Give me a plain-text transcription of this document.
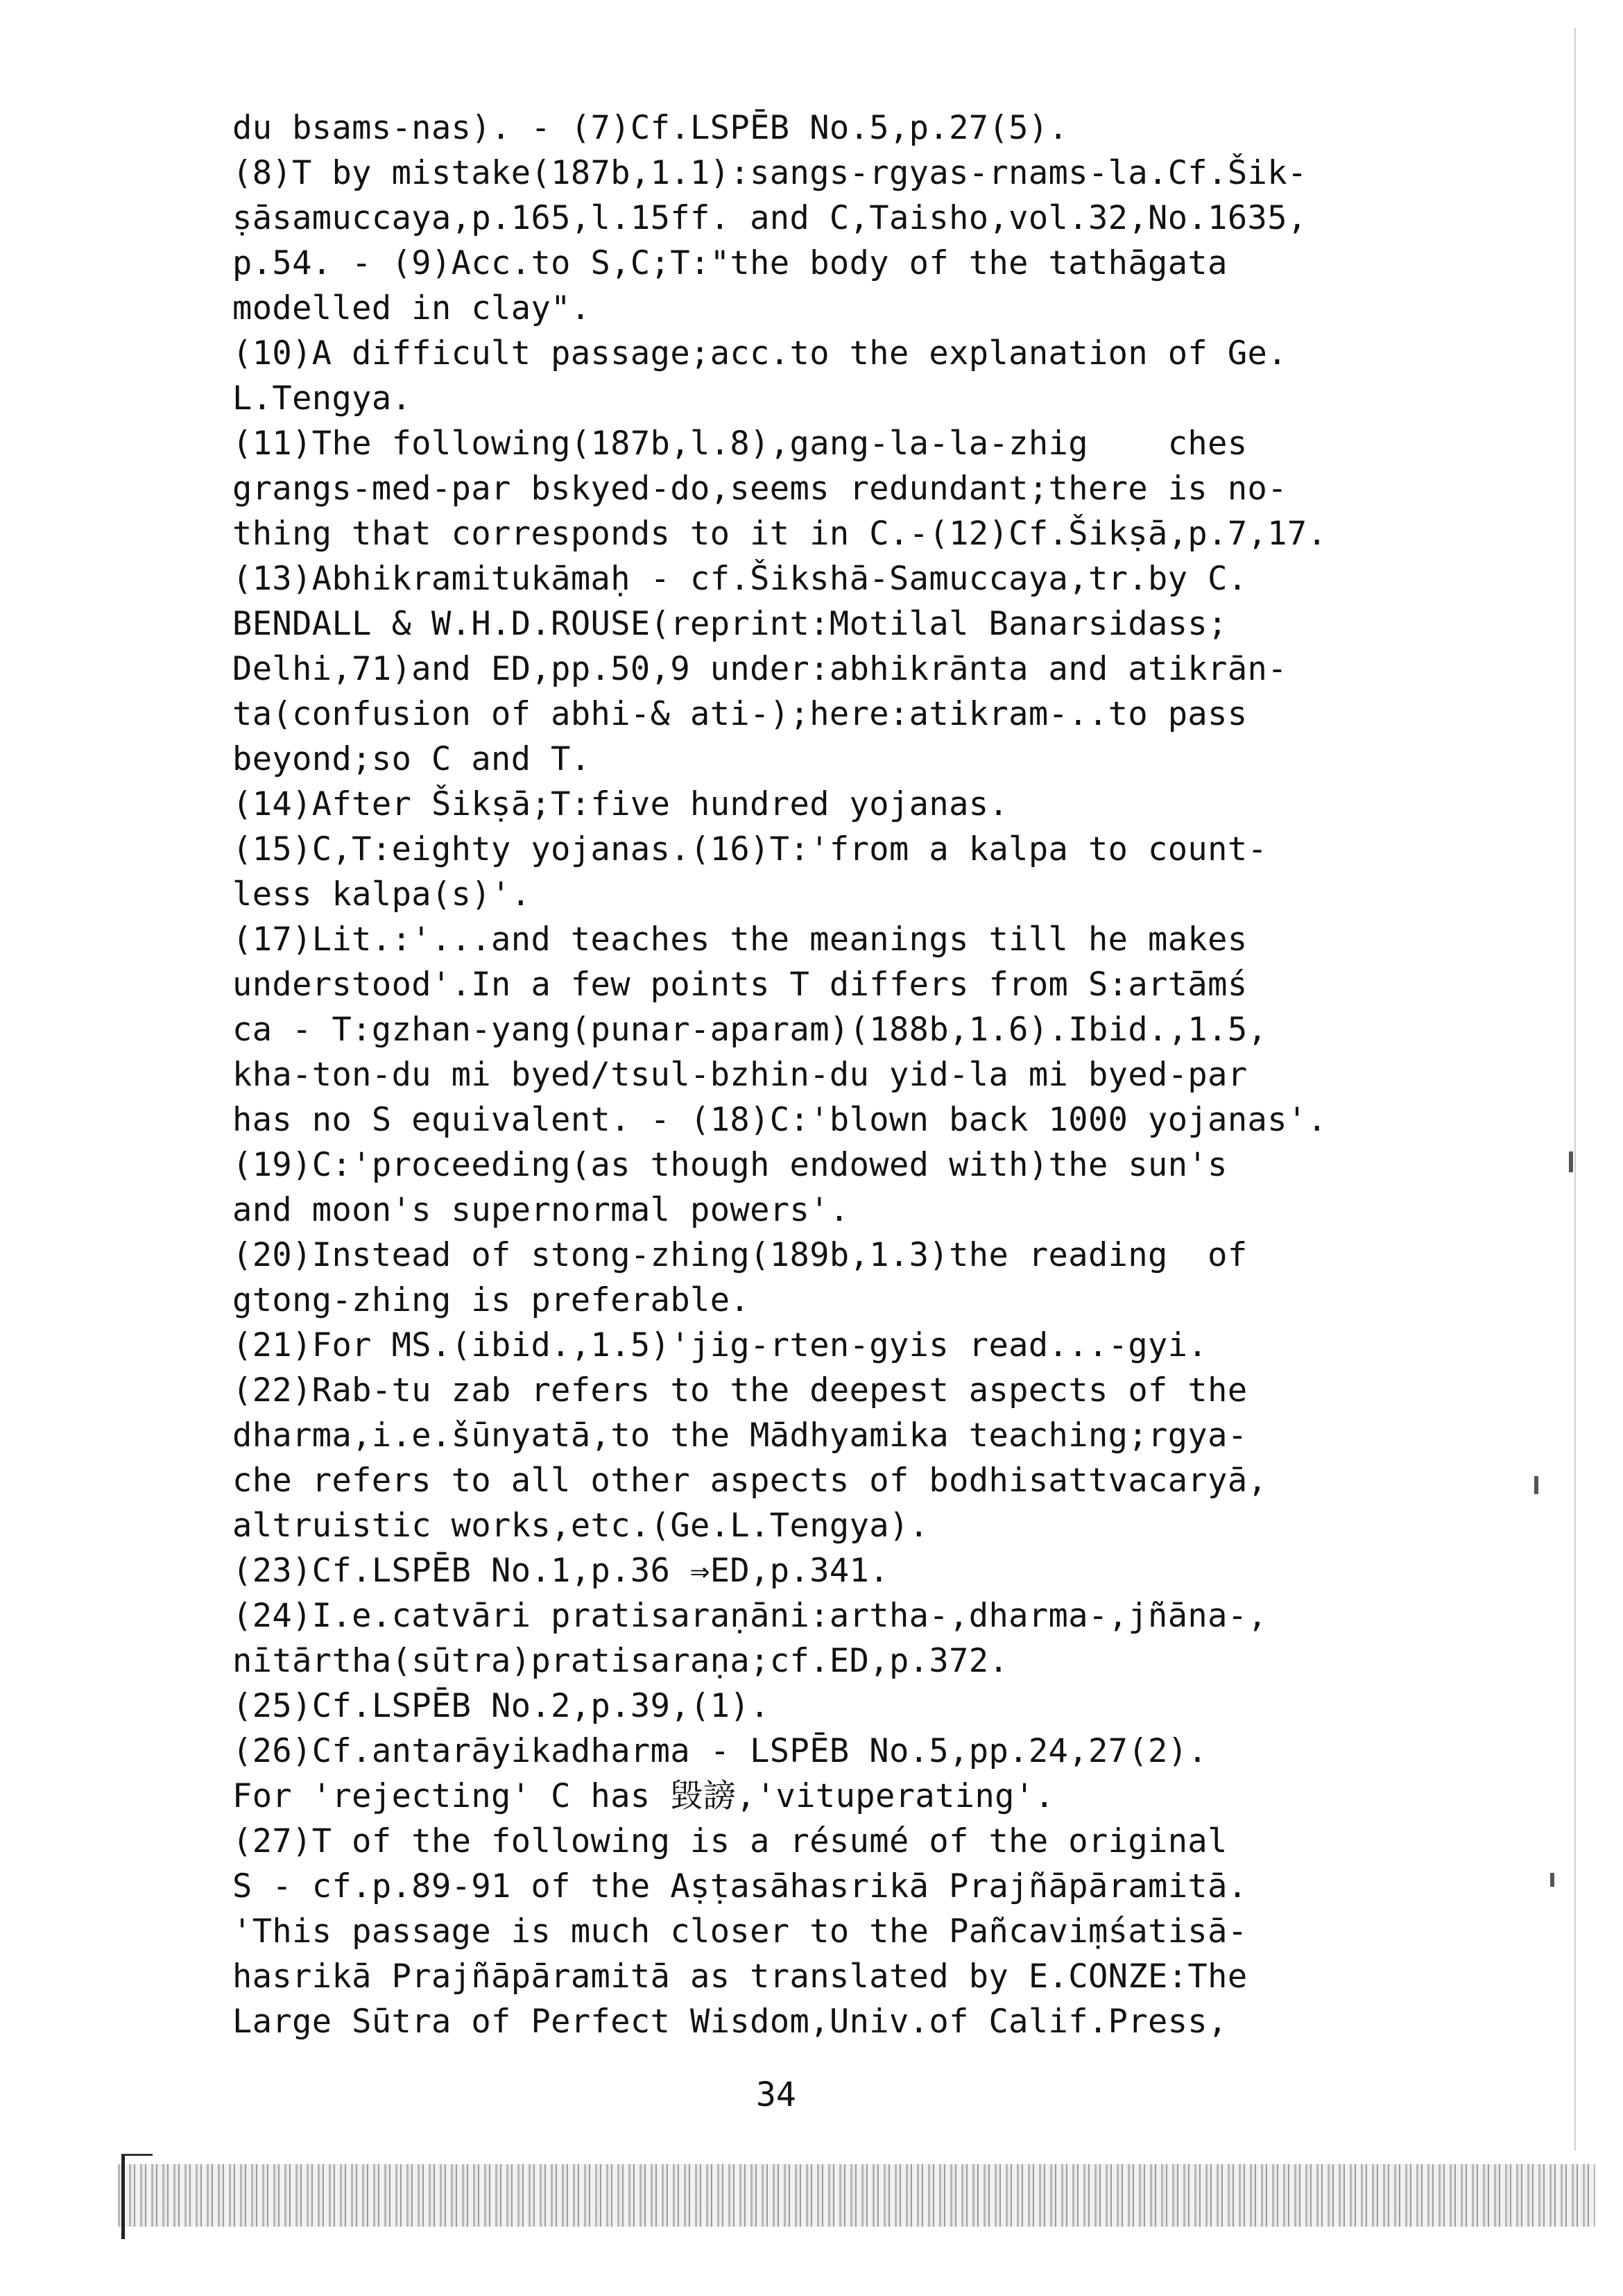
du bsams-nas). - (7)Cf.LSPĒB No.5,p.27(5).
(8)T by mistake(187b,1.1):sangs-rgyas-rnams-la.Cf.Šik-
ṣāsamuccaya,p.165,l.15ff. and C,Taisho,vol.32,No.1635,
p.54. - (9)Acc.to S,C;T:"the body of the tathāgata
modelled in clay".
(10)A difficult passage;acc.to the explanation of Ge.
L.Tengya.
(11)The following(187b,l.8),gang-la-la-zhig    ches
grangs-med-par bskyed-do,seems redundant;there is no-
thing that corresponds to it in C.-(12)Cf.Šikṣā,p.7,17.
(13)Abhikramitukāmaḥ - cf.Šikshā-Samuccaya,tr.by C.
BENDALL & W.H.D.ROUSE(reprint:Motilal Banarsidass;
Delhi,71)and ED,pp.50,9 under:abhikrānta and atikrān-
ta(confusion of abhi-& ati-);here:atikram-..to pass
beyond;so C and T.
(14)After Šikṣā;T:five hundred yojanas.
(15)C,T:eighty yojanas.(16)T:'from a kalpa to count-
less kalpa(s)'.
(17)Lit.:'...and teaches the meanings till he makes
understood'.In a few points T differs from S:artāmś
ca - T:gzhan-yang(punar-aparam)(188b,1.6).Ibid.,1.5,
kha-ton-du mi byed/tsul-bzhin-du yid-la mi byed-par
has no S equivalent. - (18)C:'blown back 1000 yojanas'.
(19)C:'proceeding(as though endowed with)the sun's
and moon's supernormal powers'.
(20)Instead of stong-zhing(189b,1.3)the reading  of
gtong-zhing is preferable.
(21)For MS.(ibid.,1.5)'jig-rten-gyis read...-gyi.
(22)Rab-tu zab refers to the deepest aspects of the
dharma,i.e.šūnyatā,to the Mādhyamika teaching;rgya-
che refers to all other aspects of bodhisattvacaryā,
altruistic works,etc.(Ge.L.Tengya).
(23)Cf.LSPĒB No.1,p.36 ⇒ED,p.341.
(24)I.e.catvāri pratisaraṇāni:artha-,dharma-,jñāna-,
nītārtha(sūtra)pratisaraṇa;cf.ED,p.372.
(25)Cf.LSPĒB No.2,p.39,(1).
(26)Cf.antarāyikadharma - LSPĒB No.5,pp.24,27(2).
For 'rejecting' C has 毀謗,'vituperating'.
(27)T of the following is a résumé of the original
S - cf.p.89-91 of the Aṣṭasāhasrikā Prajñāpāramitā.
'This passage is much closer to the Pañcaviṃśatisā-
hasrikā Prajñāpāramitā as translated by E.CONZE:The
Large Sūtra of Perfect Wisdom,Univ.of Calif.Press,
34
